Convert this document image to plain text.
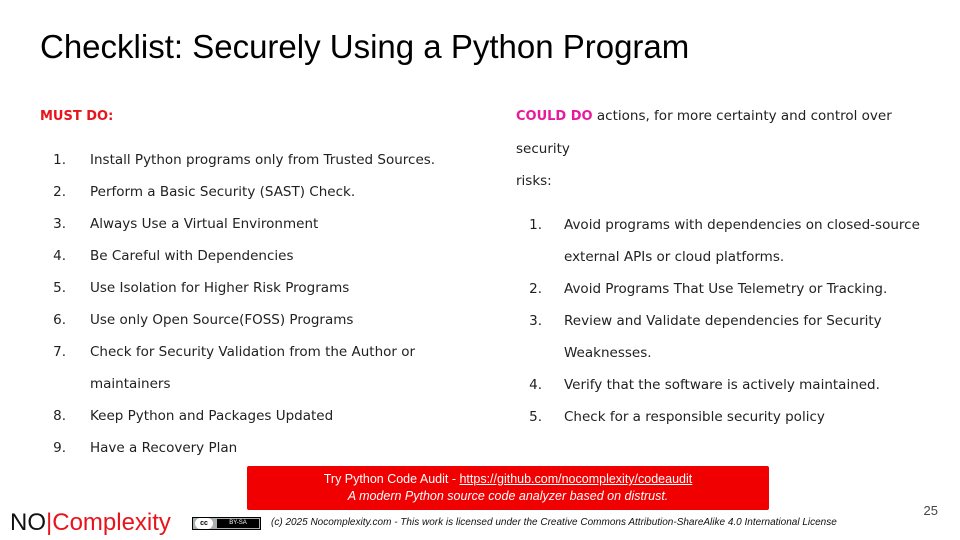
Checklist: Securely Using a Python Program
MUST DO:
1.	Install Python programs only from Trusted Sources.
2.	Perform a Basic Security (SAST) Check.
3.	Always Use a Virtual Environment
4.	Be Careful with Dependencies
5.	Use Isolation for Higher Risk Programs
6.	Use only Open Source(FOSS) Programs
7.	Check for Security Validation from the Author or
maintainers
8.	Keep Python and Packages Updated
9.	Have a Recovery Plan
COULD DO actions, for more certainty and control over security
risks:
1.	Avoid programs with dependencies on closed-source
external APIs or cloud platforms.
2.	Avoid Programs That Use Telemetry or Tracking.
3.	Review and Validate dependencies for Security
Weaknesses.
4.	Verify that the software is actively maintained.
5.	Check for a responsible security policy
Try Python Code Audit - https://github.com/nocomplexity/codeaudit
A modern Python source code analyzer based on distrust.
25
NO|Complexity	cc	BY-SA	(c) 2025 Nocomplexity.com - This work is licensed under the Creative Commons Attribution-ShareAlike 4.0 International License
